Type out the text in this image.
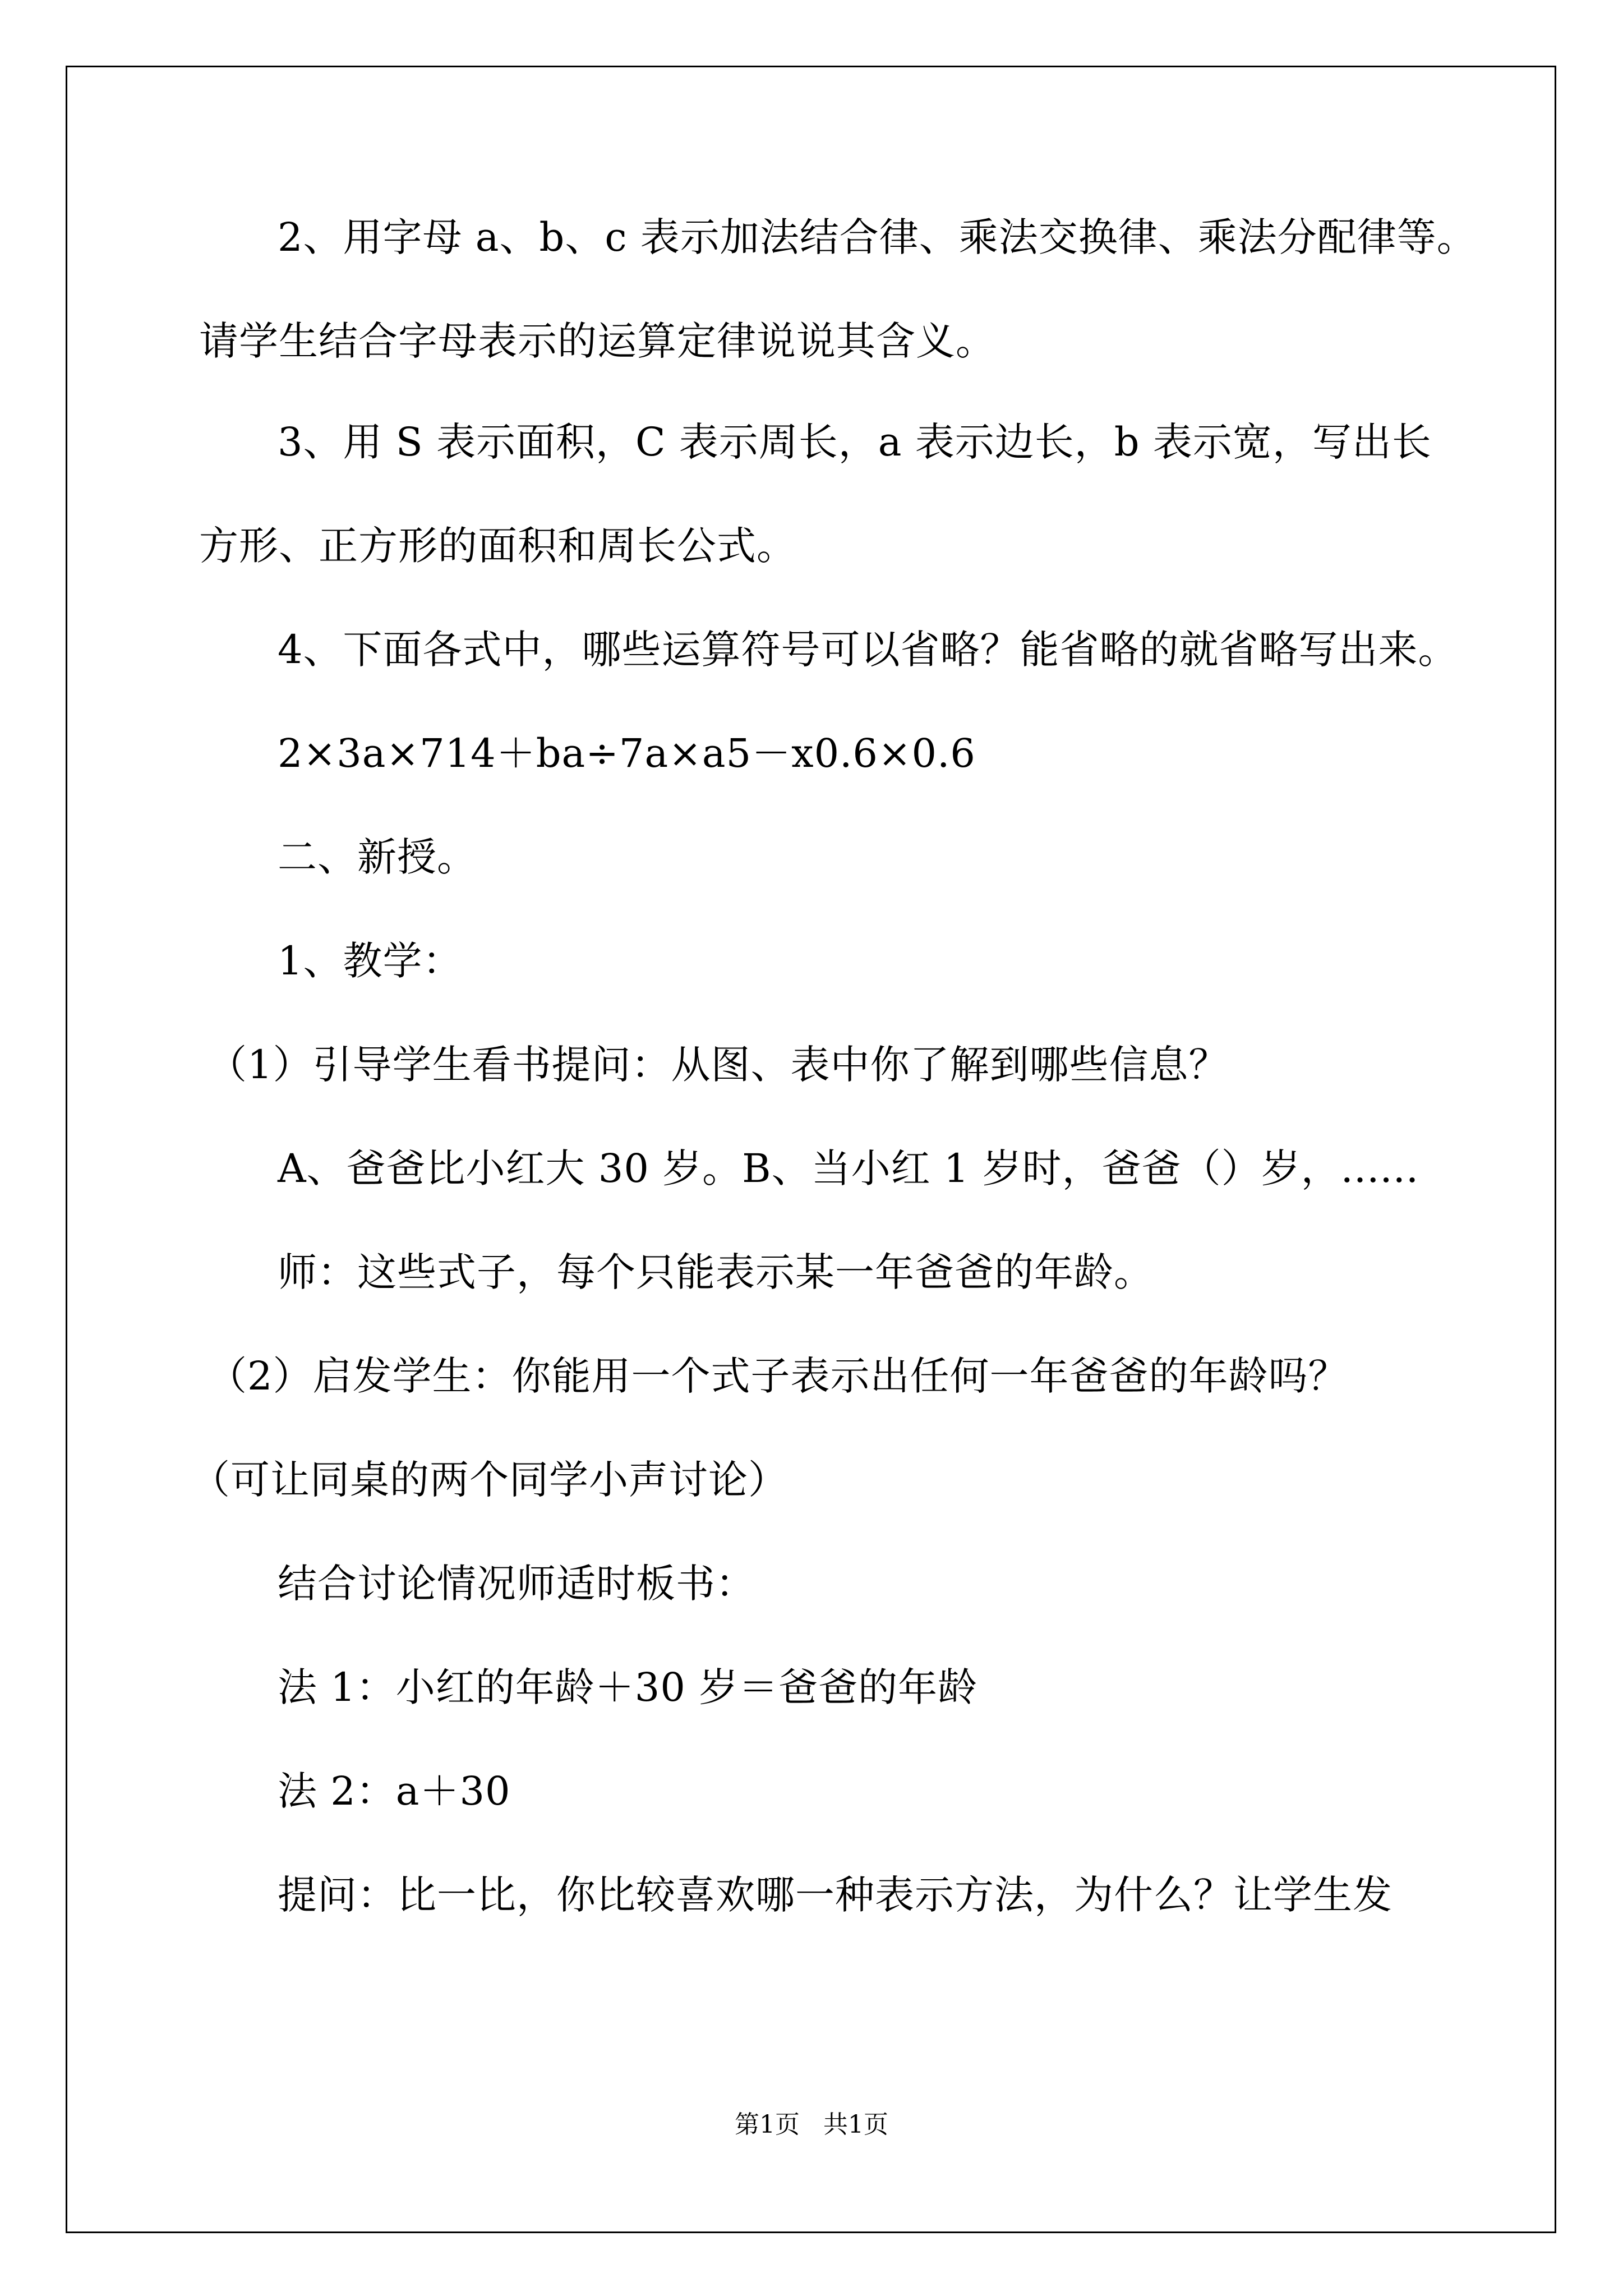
2、用字母 a、b、c 表示加法结合律、乘法交换律、乘法分配律等。
请学生结合字母表示的运算定律说说其含义。
3、用 S 表示面积，C 表示周长，a 表示边长，b 表示宽，写出长
方形、正方形的面积和周长公式。
4、下面各式中，哪些运算符号可以省略？能省略的就省略写出来。
2×3a×714＋ba÷7a×a5－x0.6×0.6
二、新授。
1、教学：
（1）引导学生看书提问：从图、表中你了解到哪些信息？
A、爸爸比小红大 30 岁。B、当小红 1 岁时，爸爸（）岁，......
师：这些式子，每个只能表示某一年爸爸的年龄。
（2）启发学生：你能用一个式子表示出任何一年爸爸的年龄吗？
（可让同桌的两个同学小声讨论）
结合讨论情况师适时板书：
法 1：小红的年龄＋30 岁＝爸爸的年龄
法 2：a＋30
提问：比一比，你比较喜欢哪一种表示方法，为什么？让学生发
第1页 共1页
